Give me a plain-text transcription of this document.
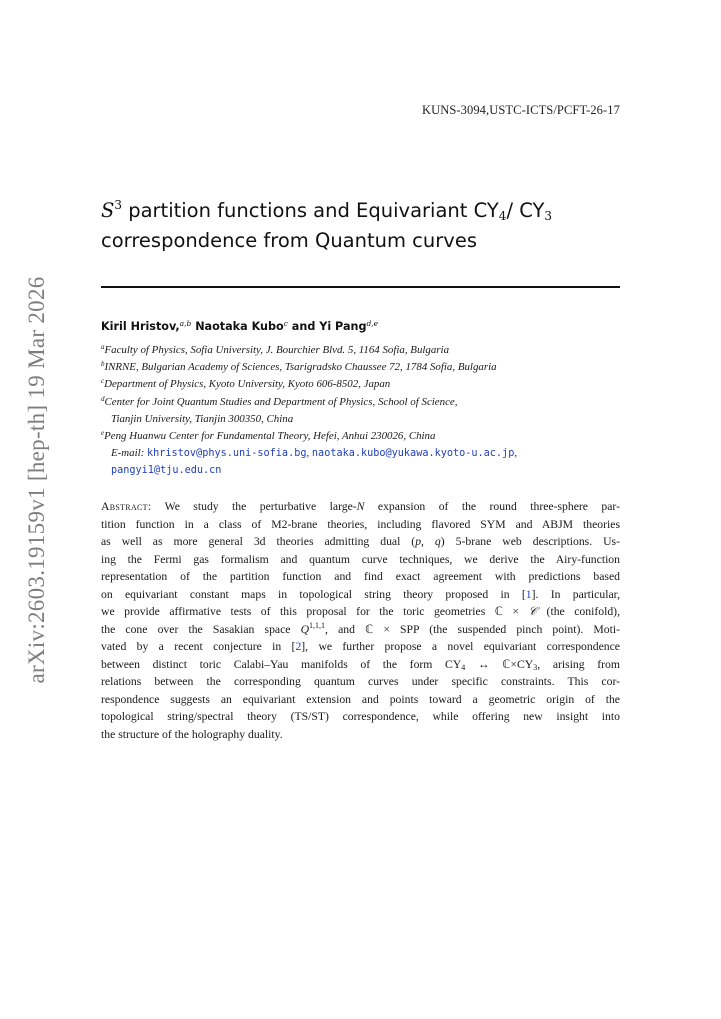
KUNS-3094,USTC-ICTS/PCFT-26-17
arXiv:2603.19159v1 [hep-th] 19 Mar 2026
$S^3$ partition functions and Equivariant $CY_4/$ $CY_3$
correspondence from Quantum curves
Kiril Hristov,$^{a,b}$ Naotaka Kubo$^c$ and Yi Pang$^{d,e}$
$^a$Faculty of Physics, Sofia University, J. Bourchier Blvd. 5, 1164 Sofia, Bulgaria
$^b$INRNE, Bulgarian Academy of Sciences, Tsarigradsko Chaussee 72, 1784 Sofia, Bulgaria
$^c$Department of Physics, Kyoto University, Kyoto 606-8502, Japan
$^d$Center for Joint Quantum Studies and Department of Physics, School of Science,
Tianjin University, Tianjin 300350, China
$^e$Peng Huanwu Center for Fundamental Theory, Hefei, Anhui 230026, China
E-mail: khristov@phys.uni-sofia.bg, naotaka.kubo@yukawa.kyoto-u.ac.jp,
pangyi1@tju.edu.cn
Abstract: We study the perturbative large-N expansion of the round three-sphere par-
tition function in a class of M2-brane theories, including flavored SYM and ABJM theories
as well as more general 3d theories admitting dual (p, q) 5-brane web descriptions. Us-
ing the Fermi gas formalism and quantum curve techniques, we derive the Airy-function
representation of the partition function and find exact agreement with predictions based
on equivariant constant maps in topological string theory proposed in [1]. In particular,
we provide affirmative tests of this proposal for the toric geometries ℂ × 𝒞 (the conifold),
the cone over the Sasakian space Q$^{1,1,1}$, and ℂ × SPP (the suspended pinch point). Moti-
vated by a recent conjecture in [2], we further propose a novel equivariant correspondence
between distinct toric Calabi–Yau manifolds of the form $CY_4$ ↔ $ℂ\times CY_3$, arising from
relations between the corresponding quantum curves under specific constraints. This cor-
respondence suggests an equivariant extension and points toward a geometric origin of the
topological string/spectral theory (TS/ST) correspondence, while offering new insight into
the structure of the holography duality.
